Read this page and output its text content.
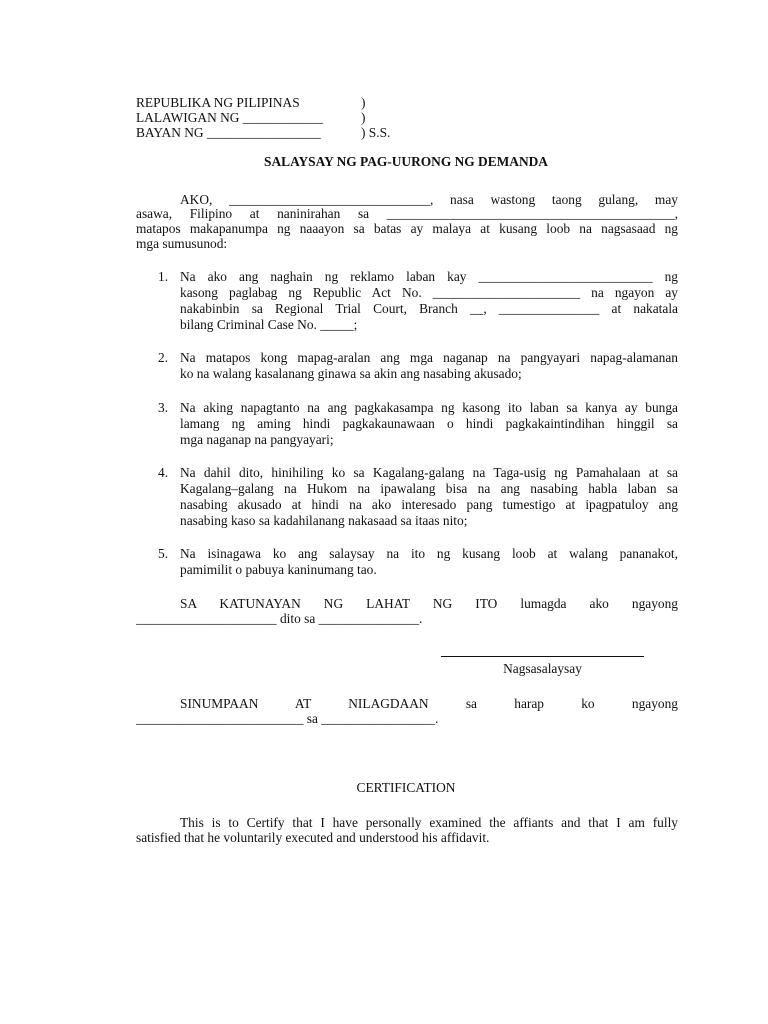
REPUBLIKA NG PILIPINAS	)
LALAWIGAN NG ____________	)
BAYAN NG _________________	) S.S.
SALAYSAY NG PAG-UURONG NG DEMANDA
AKO, ______________________________, nasa wastong taong gulang, may
asawa, Filipino at naninirahan sa ___________________________________________,
matapos makapanumpa ng naaayon sa batas ay malaya at kusang loob na nagsasaad ng
mga sumusunod:
1. Na ako ang naghain ng reklamo laban kay __________________________ ng
kasong paglabag ng Republic Act No. ______________________ na ngayon ay
nakabinbin sa Regional Trial Court, Branch __, _______________ at nakatala
bilang Criminal Case No. _____;
2. Na matapos kong mapag-aralan ang mga naganap na pangyayari napag-alamanan
ko na walang kasalanang ginawa sa akin ang nasabing akusado;
3. Na aking napagtanto na ang pagkakasampa ng kasong ito laban sa kanya ay bunga
lamang ng aming hindi pagkakaunawaan o hindi pagkakaintindihan hinggil sa
mga naganap na pangyayari;
4. Na dahil dito, hinihiling ko sa Kagalang-galang na Taga-usig ng Pamahalaan at sa
Kagalang–galang na Hukom na ipawalang bisa na ang nasabing habla laban sa
nasabing akusado at hindi na ako interesado pang tumestigo at ipagpatuloy ang
nasabing kaso sa kadahilanang nakasaad sa itaas nito;
5. Na isinagawa ko ang salaysay na ito ng kusang loob at walang pananakot,
pamimilit o pabuya kaninumang tao.
SA KATUNAYAN NG LAHAT NG ITO lumagda ako ngayong
_____________________ dito sa _______________.
Nagsasalaysay
SINUMPAAN AT NILAGDAAN sa harap ko ngayong
_________________________ sa _________________.
CERTIFICATION
This is to Certify that I have personally examined the affiants and that I am fully
satisfied that he voluntarily executed and understood his affidavit.
